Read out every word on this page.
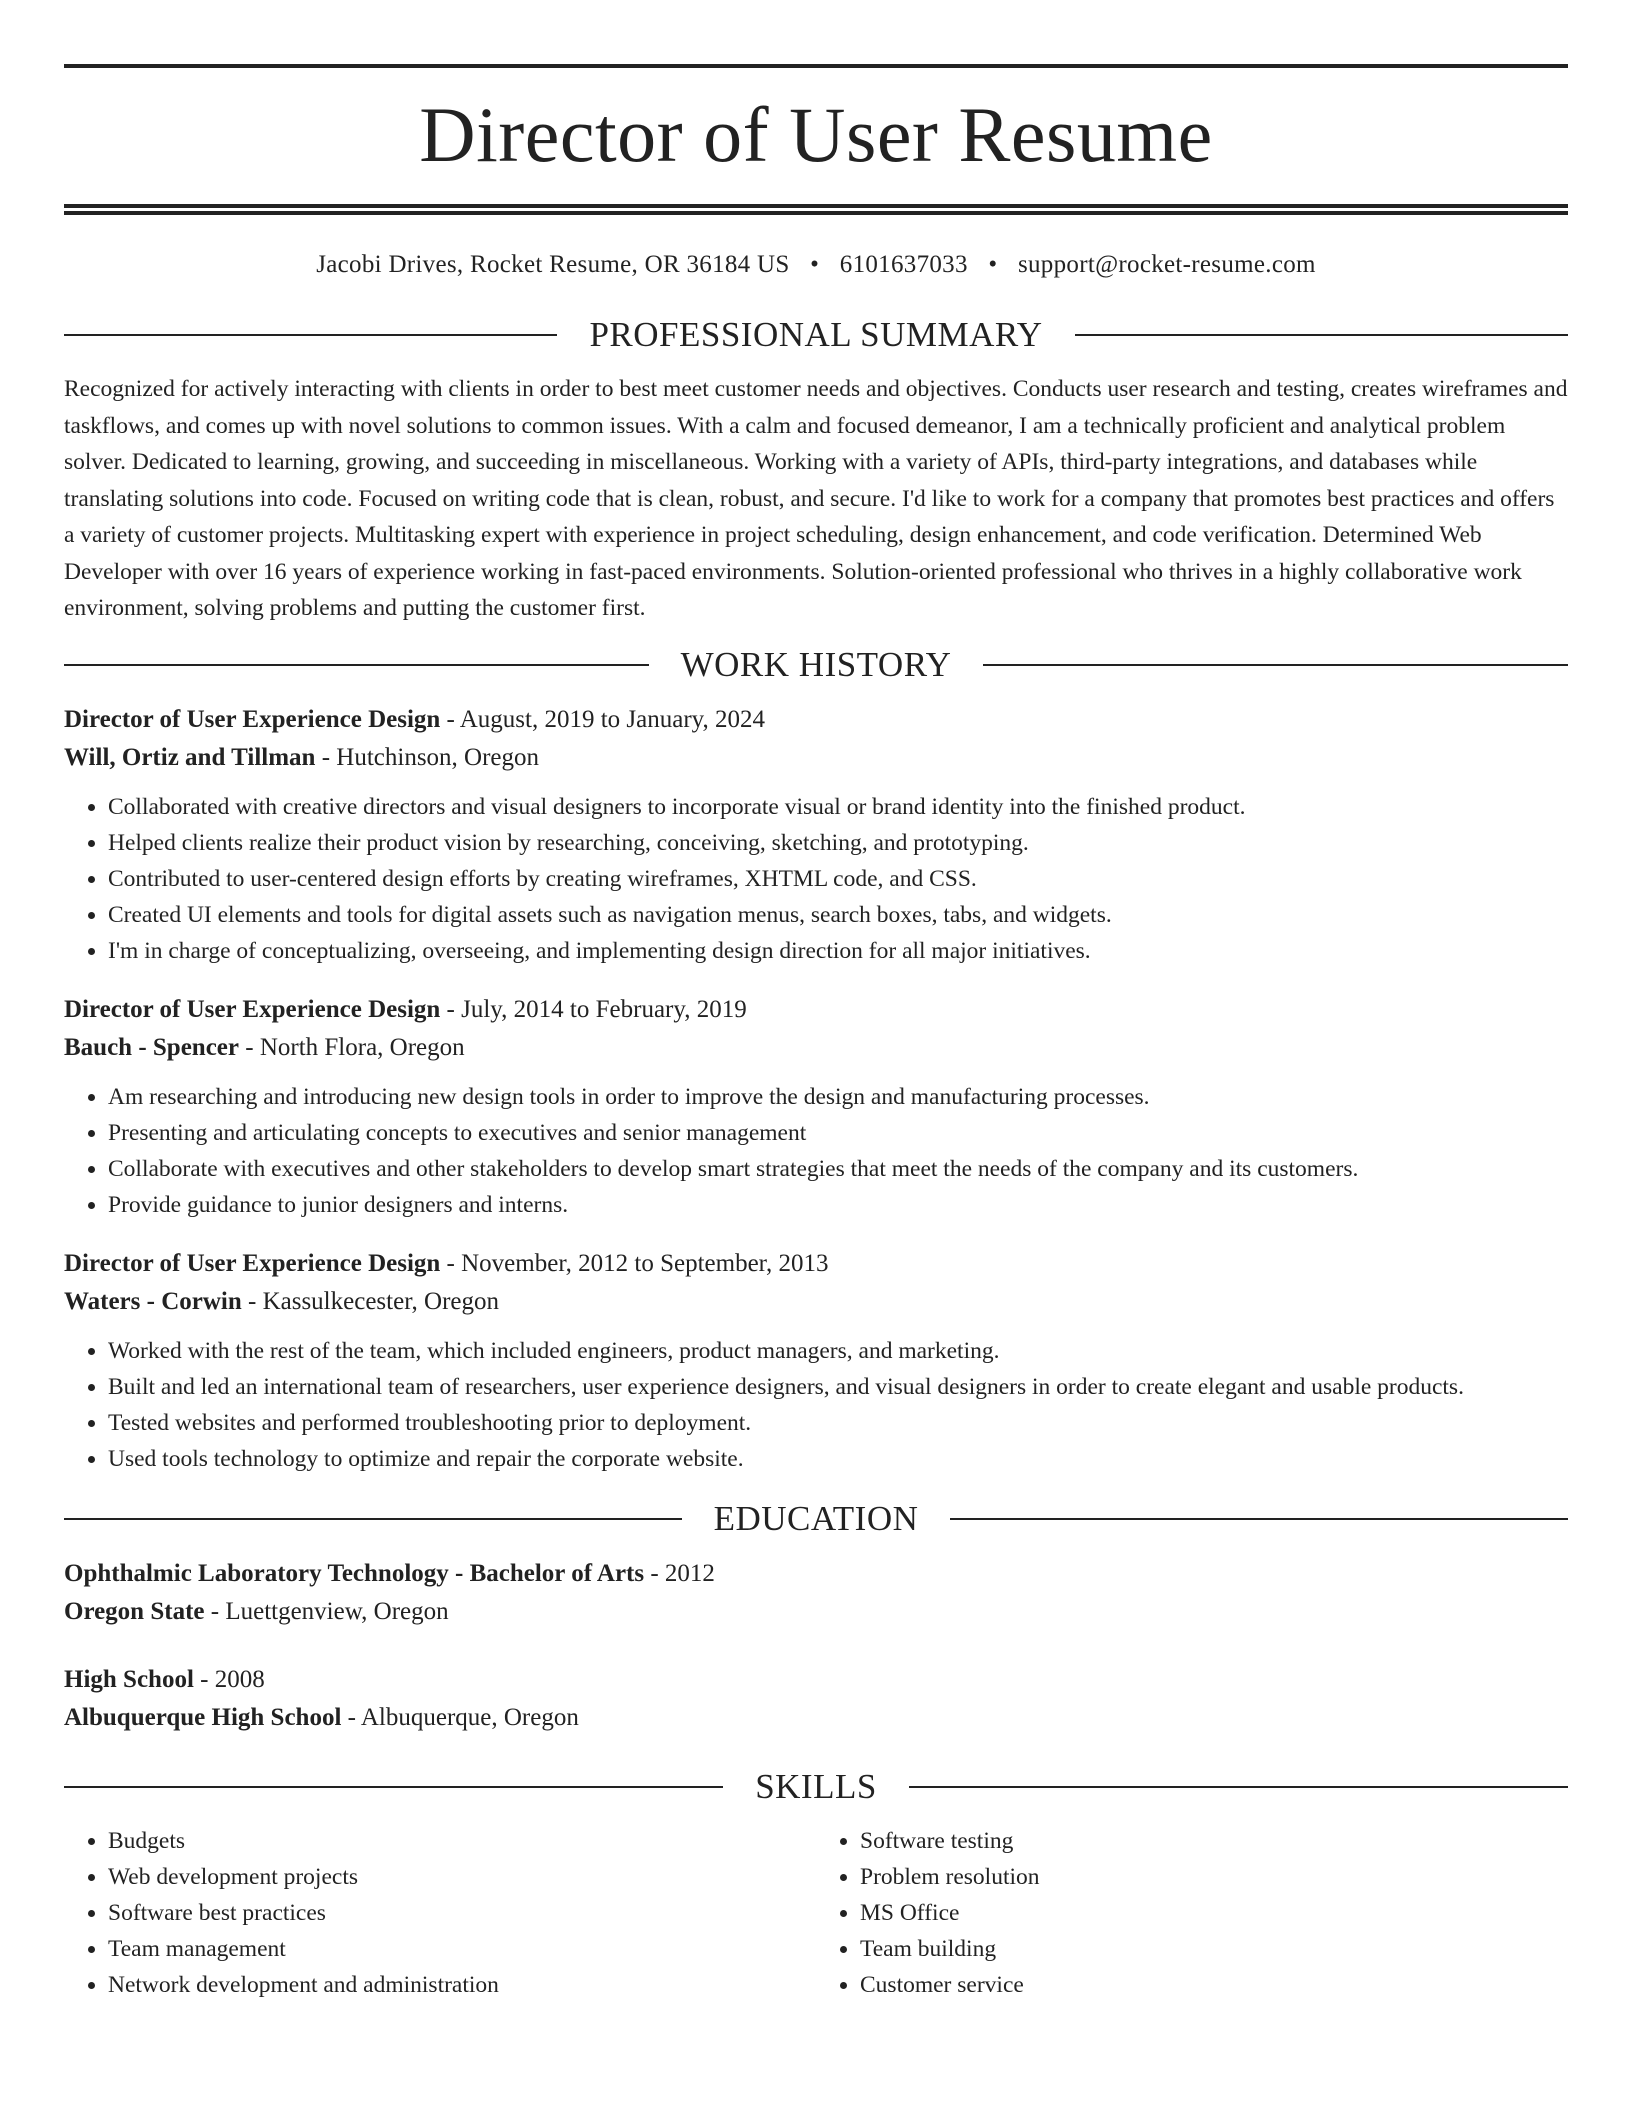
Director of User Resume
Jacobi Drives, Rocket Resume, OR 36184 US • 6101637033 • support@rocket-resume.com
PROFESSIONAL SUMMARY

Recognized for actively interacting with clients in order to best meet customer needs and objectives. Conducts user research and testing, creates wireframes and taskflows, and comes up with novel solutions to common issues. With a calm and focused demeanor, I am a technically proficient and analytical problem solver. Dedicated to learning, growing, and succeeding in miscellaneous. Working with a variety of APIs, third-party integrations, and databases while translating solutions into code. Focused on writing code that is clean, robust, and secure. I'd like to work for a company that promotes best practices and offers a variety of customer projects. Multitasking expert with experience in project scheduling, design enhancement, and code verification. Determined Web Developer with over 16 years of experience working in fast-paced environments. Solution-oriented professional who thrives in a highly collaborative work environment, solving problems and putting the customer first.

WORK HISTORY
Director of User Experience Design - August, 2019 to January, 2024
Will, Ortiz and Tillman - Hutchinson, Oregon
• Collaborated with creative directors and visual designers to incorporate visual or brand identity into the finished product.
• Helped clients realize their product vision by researching, conceiving, sketching, and prototyping.
• Contributed to user-centered design efforts by creating wireframes, XHTML code, and CSS.
• Created UI elements and tools for digital assets such as navigation menus, search boxes, tabs, and widgets.
• I'm in charge of conceptualizing, overseeing, and implementing design direction for all major initiatives.
Director of User Experience Design - July, 2014 to February, 2019
Bauch - Spencer - North Flora, Oregon
• Am researching and introducing new design tools in order to improve the design and manufacturing processes.
• Presenting and articulating concepts to executives and senior management
• Collaborate with executives and other stakeholders to develop smart strategies that meet the needs of the company and its customers.
• Provide guidance to junior designers and interns.
Director of User Experience Design - November, 2012 to September, 2013
Waters - Corwin - Kassulkecester, Oregon
• Worked with the rest of the team, which included engineers, product managers, and marketing.
• Built and led an international team of researchers, user experience designers, and visual designers in order to create elegant and usable products.
• Tested websites and performed troubleshooting prior to deployment.
• Used tools technology to optimize and repair the corporate website.
EDUCATION
Ophthalmic Laboratory Technology - Bachelor of Arts - 2012
Oregon State - Luettgenview, Oregon
High School - 2008
Albuquerque High School - Albuquerque, Oregon
SKILLS
• Budgets
• Web development projects
• Software best practices
• Team management
• Network development and administration
• Software testing
• Problem resolution
• MS Office
• Team building
• Customer service
